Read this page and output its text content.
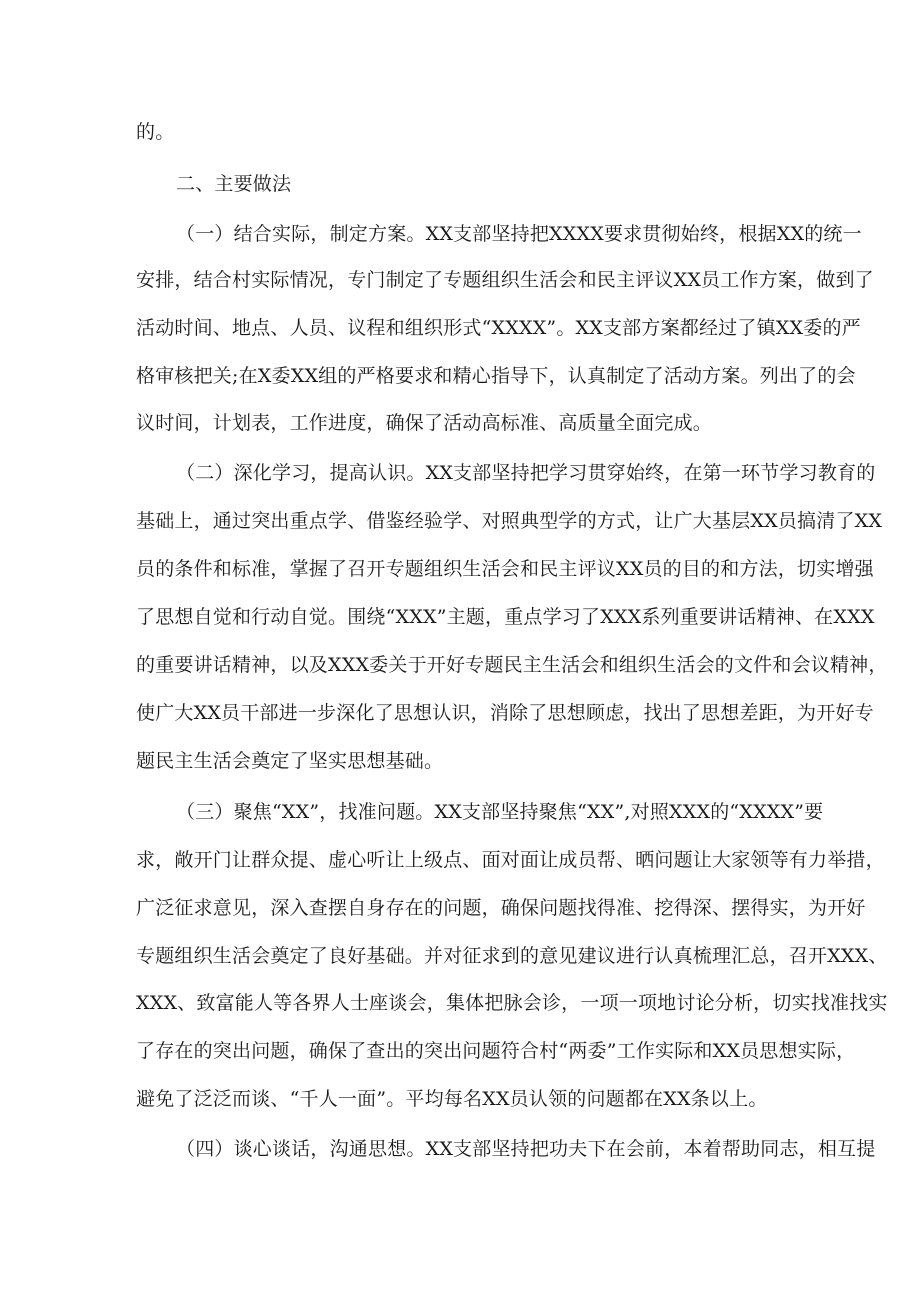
的。
二、主要做法
（一）结合实际，制定方案。XX支部坚持把XXXX要求贯彻始终，根据XX的统一
安排，结合村实际情况，专门制定了专题组织生活会和民主评议XX员工作方案，做到了
活动时间、地点、人员、议程和组织形式“XXXX”。XX支部方案都经过了镇XX委的严
格审核把关;在X委XX组的严格要求和精心指导下，认真制定了活动方案。列出了的会
议时间，计划表，工作进度，确保了活动高标准、高质量全面完成。
（二）深化学习，提高认识。XX支部坚持把学习贯穿始终，在第一环节学习教育的
基础上，通过突出重点学、借鉴经验学、对照典型学的方式，让广大基层XX员搞清了XX
员的条件和标准，掌握了召开专题组织生活会和民主评议XX员的目的和方法，切实增强
了思想自觉和行动自觉。围绕“XXX”主题，重点学习了XXX系列重要讲话精神、在XXX
的重要讲话精神，以及XXX委关于开好专题民主生活会和组织生活会的文件和会议精神，
使广大XX员干部进一步深化了思想认识，消除了思想顾虑，找出了思想差距，为开好专
题民主生活会奠定了坚实思想基础。
（三）聚焦“XX”，找准问题。XX支部坚持聚焦“XX”,对照XXX的“XXXX”要
求，敞开门让群众提、虚心听让上级点、面对面让成员帮、晒问题让大家领等有力举措，
广泛征求意见，深入查摆自身存在的问题，确保问题找得准、挖得深、摆得实，为开好
专题组织生活会奠定了良好基础。并对征求到的意见建议进行认真梳理汇总，召开XXX、
XXX、致富能人等各界人士座谈会，集体把脉会诊，一项一项地讨论分析，切实找准找实
了存在的突出问题，确保了查出的突出问题符合村“两委”工作实际和XX员思想实际，
避免了泛泛而谈、“千人一面”。平均每名XX员认领的问题都在XX条以上。
（四）谈心谈话，沟通思想。XX支部坚持把功夫下在会前，本着帮助同志，相互提
